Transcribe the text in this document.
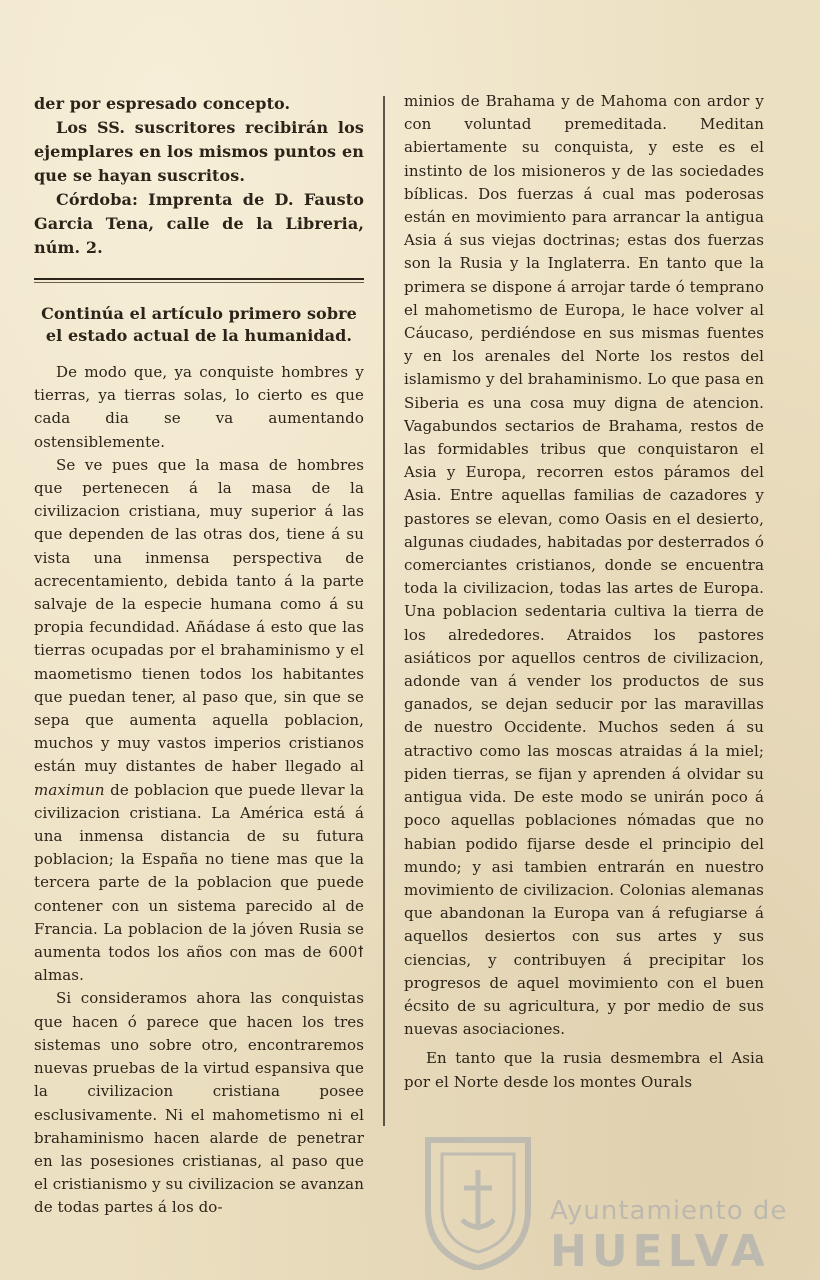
der por espresado concepto.

Los SS. suscritores recibirán los ejemplares en los mismos puntos en que se hayan suscritos.

Córdoba: Imprenta de D. Fausto Garcia Tena, calle de la Libreria, núm. 2.

Continúa el artículo primero sobre
el estado actual de la humanidad.

De modo que, ya conquiste hombres y tierras, ya tierras solas, lo cierto es que cada dia se va aumentando ostensiblemente.

Se ve pues que la masa de hombres que pertenecen á la masa de la civilizacion cristiana, muy superior á las que dependen de las otras dos, tiene á su vista una inmensa perspectiva de acrecentamiento, debida tanto á la parte salvaje de la especie humana como á su propia fecundidad. Añádase á esto que las tierras ocupadas por el brahaminismo y el maometismo tienen todos los habitantes que puedan tener, al paso que, sin que se sepa que aumenta aquella poblacion, muchos y muy vastos imperios cristianos están muy distantes de haber llegado al maximun de poblacion que puede llevar la civilizacion cristiana. La América está á una inmensa distancia de su futura poblacion; la España no tiene mas que la tercera parte de la poblacion que puede contener con un sistema parecido al de Francia. La poblacion de la jóven Rusia se aumenta todos los años con mas de 600ꝉ almas.

Si consideramos ahora las conquistas que hacen ó parece que hacen los tres sistemas uno sobre otro, encontraremos nuevas pruebas de la virtud espansiva que la civilizacion cristiana posee esclusivamente. Ni el mahometismo ni el brahaminismo hacen alarde de penetrar en las posesiones cristianas, al paso que el cristianismo y su civilizacion se avanzan de todas partes á los do-

minios de Brahama y de Mahoma con ardor y con voluntad premeditada. Meditan abiertamente su conquista, y este es el instinto de los misioneros y de las sociedades bíblicas. Dos fuerzas á cual mas poderosas están en movimiento para arrancar la antigua Asia á sus viejas doctrinas; estas dos fuerzas son la Rusia y la Inglaterra. En tanto que la primera se dispone á arrojar tarde ó temprano el mahometismo de Europa, le hace volver al Cáucaso, perdiéndose en sus mismas fuentes y en los arenales del Norte los restos del islamismo y del brahaminismo. Lo que pasa en Siberia es una cosa muy digna de atencion. Vagabundos sectarios de Brahama, restos de las formidables tribus que conquistaron el Asia y Europa, recorren estos páramos del Asia. Entre aquellas familias de cazadores y pastores se elevan, como Oasis en el desierto, algunas ciudades, habitadas por desterrados ó comerciantes cristianos, donde se encuentra toda la civilizacion, todas las artes de Europa. Una poblacion sedentaria cultiva la tierra de los alrededores. Atraidos los pastores asiáticos por aquellos centros de civilizacion, adonde van á vender los productos de sus ganados, se dejan seducir por las maravillas de nuestro Occidente. Muchos seden á su atractivo como las moscas atraidas á la miel; piden tierras, se fijan y aprenden á olvidar su antigua vida. De este modo se unirán poco á poco aquellas poblaciones nómadas que no habian podido fijarse desde el principio del mundo; y asi tambien entrarán en nuestro movimiento de civilizacion. Colonias alemanas que abandonan la Europa van á refugiarse á aquellos desiertos con sus artes y sus ciencias, y contribuyen á precipitar los progresos de aquel movimiento con el buen écsito de su agricultura, y por medio de sus nuevas asociaciones.

En tanto que la rusia desmembra el Asia por el Norte desde los montes Ourals

Ayuntamiento de
HUELVA
